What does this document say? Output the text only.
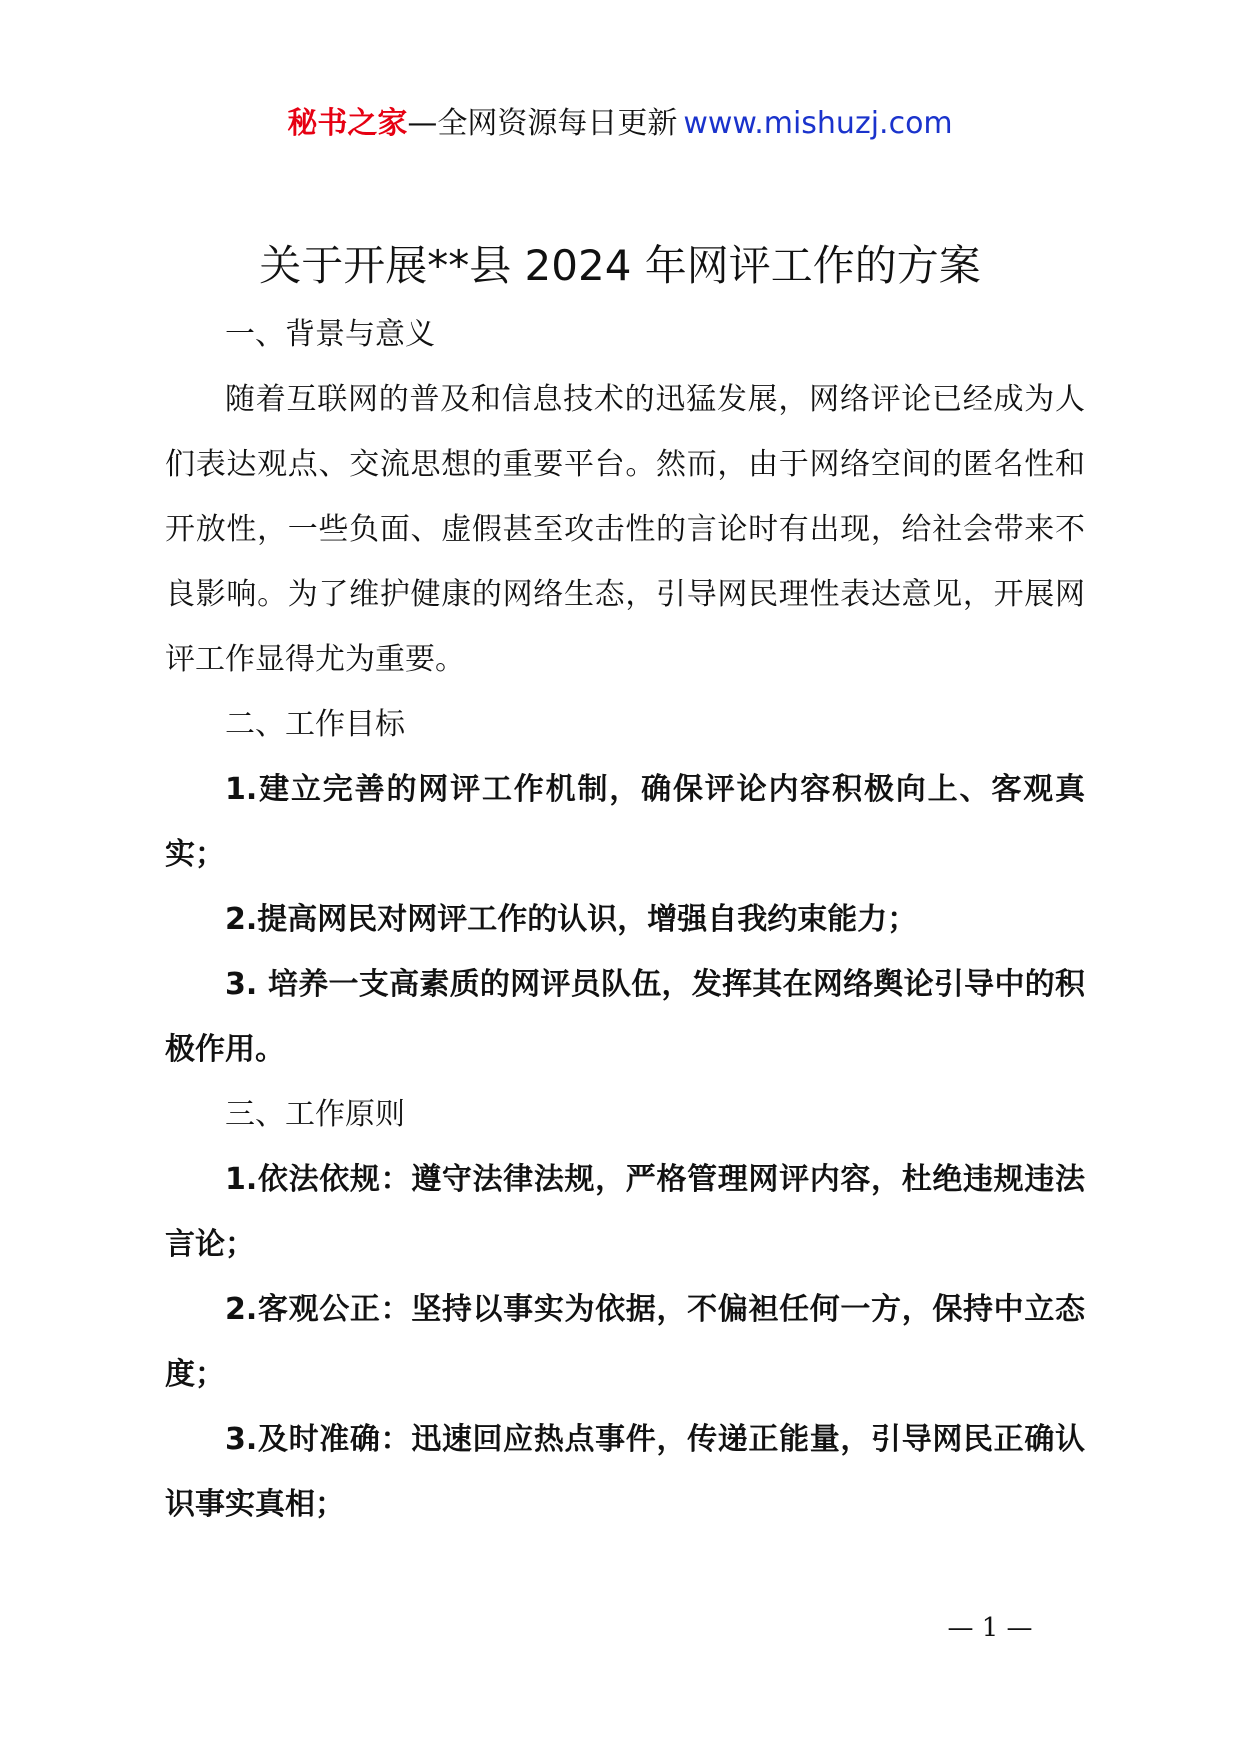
秘书之家—全网资源每日更新 www.mishuzj.com
关于开展**县 2024 年网评工作的方案

一、背景与意义

随着互联网的普及和信息技术的迅猛发展，网络评论已经成为人们表达观点、交流思想的重要平台。然而，由于网络空间的匿名性和开放性，一些负面、虚假甚至攻击性的言论时有出现，给社会带来不良影响。为了维护健康的网络生态，引导网民理性表达意见，开展网评工作显得尤为重要。

二、工作目标

1.建立完善的网评工作机制，确保评论内容积极向上、客观真实；

2.提高网民对网评工作的认识，增强自我约束能力；

3. 培养一支高素质的网评员队伍，发挥其在网络舆论引导中的积极作用。

三、工作原则

1.依法依规：遵守法律法规，严格管理网评内容，杜绝违规违法言论；

2.客观公正：坚持以事实为依据，不偏袒任何一方，保持中立态度；

3.及时准确：迅速回应热点事件，传递正能量，引导网民正确认识事实真相；

— 1 —
